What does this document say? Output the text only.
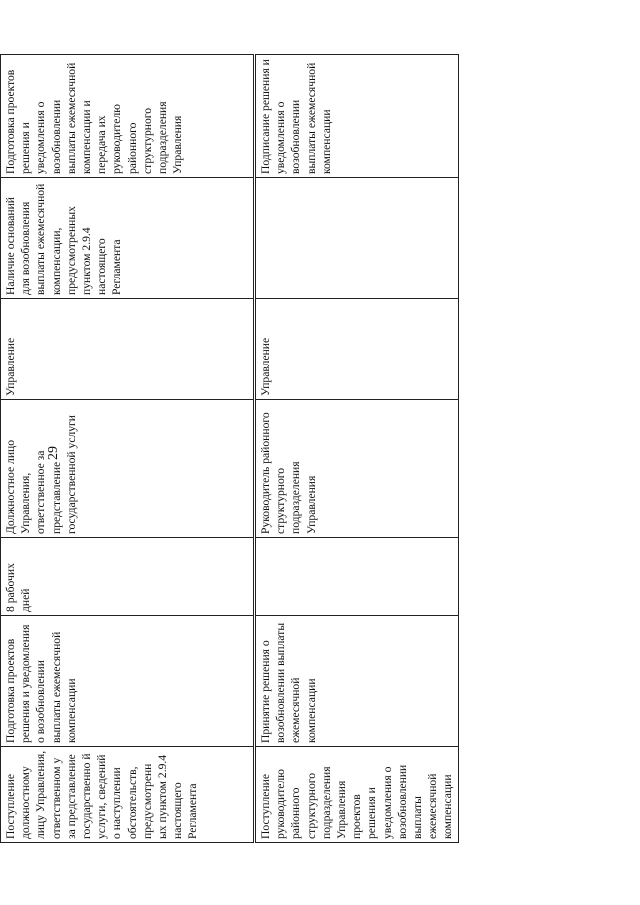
29
Поступление должностному лицу Управления, ответственном у за представление государственно й услуги, сведений о наступлении обстоятельств, предусмотренн ых пунктом 2.9.4 настоящего Регламента	Подготовка проектов решения и уведомления о возобновлении выплаты ежемесячной компенсации	8 рабочих дней	Должностное лицо Управления, ответственное за представление государственной услуги	Управление	Наличие оснований для возобновления выплаты ежемесячной компенсации, предусмотренных пунктом 2.9.4 настоящего Регламента	Подготовка проектов решения и уведомления о возобновлении выплаты ежемесячной компенсации и передача их руководителю районного структурного подразделения Управления
Поступление руководителю районного структурного подразделения Управления проектов решения и уведомления о возобновлении выплаты ежемесячной компенсации	Принятие решения о возобновлении выплаты ежемесячной компенсации		Руководитель районного структурного подразделения Управления	Управление		Подписание решения и уведомления о возобновлении выплаты ежемесячной компенсации
